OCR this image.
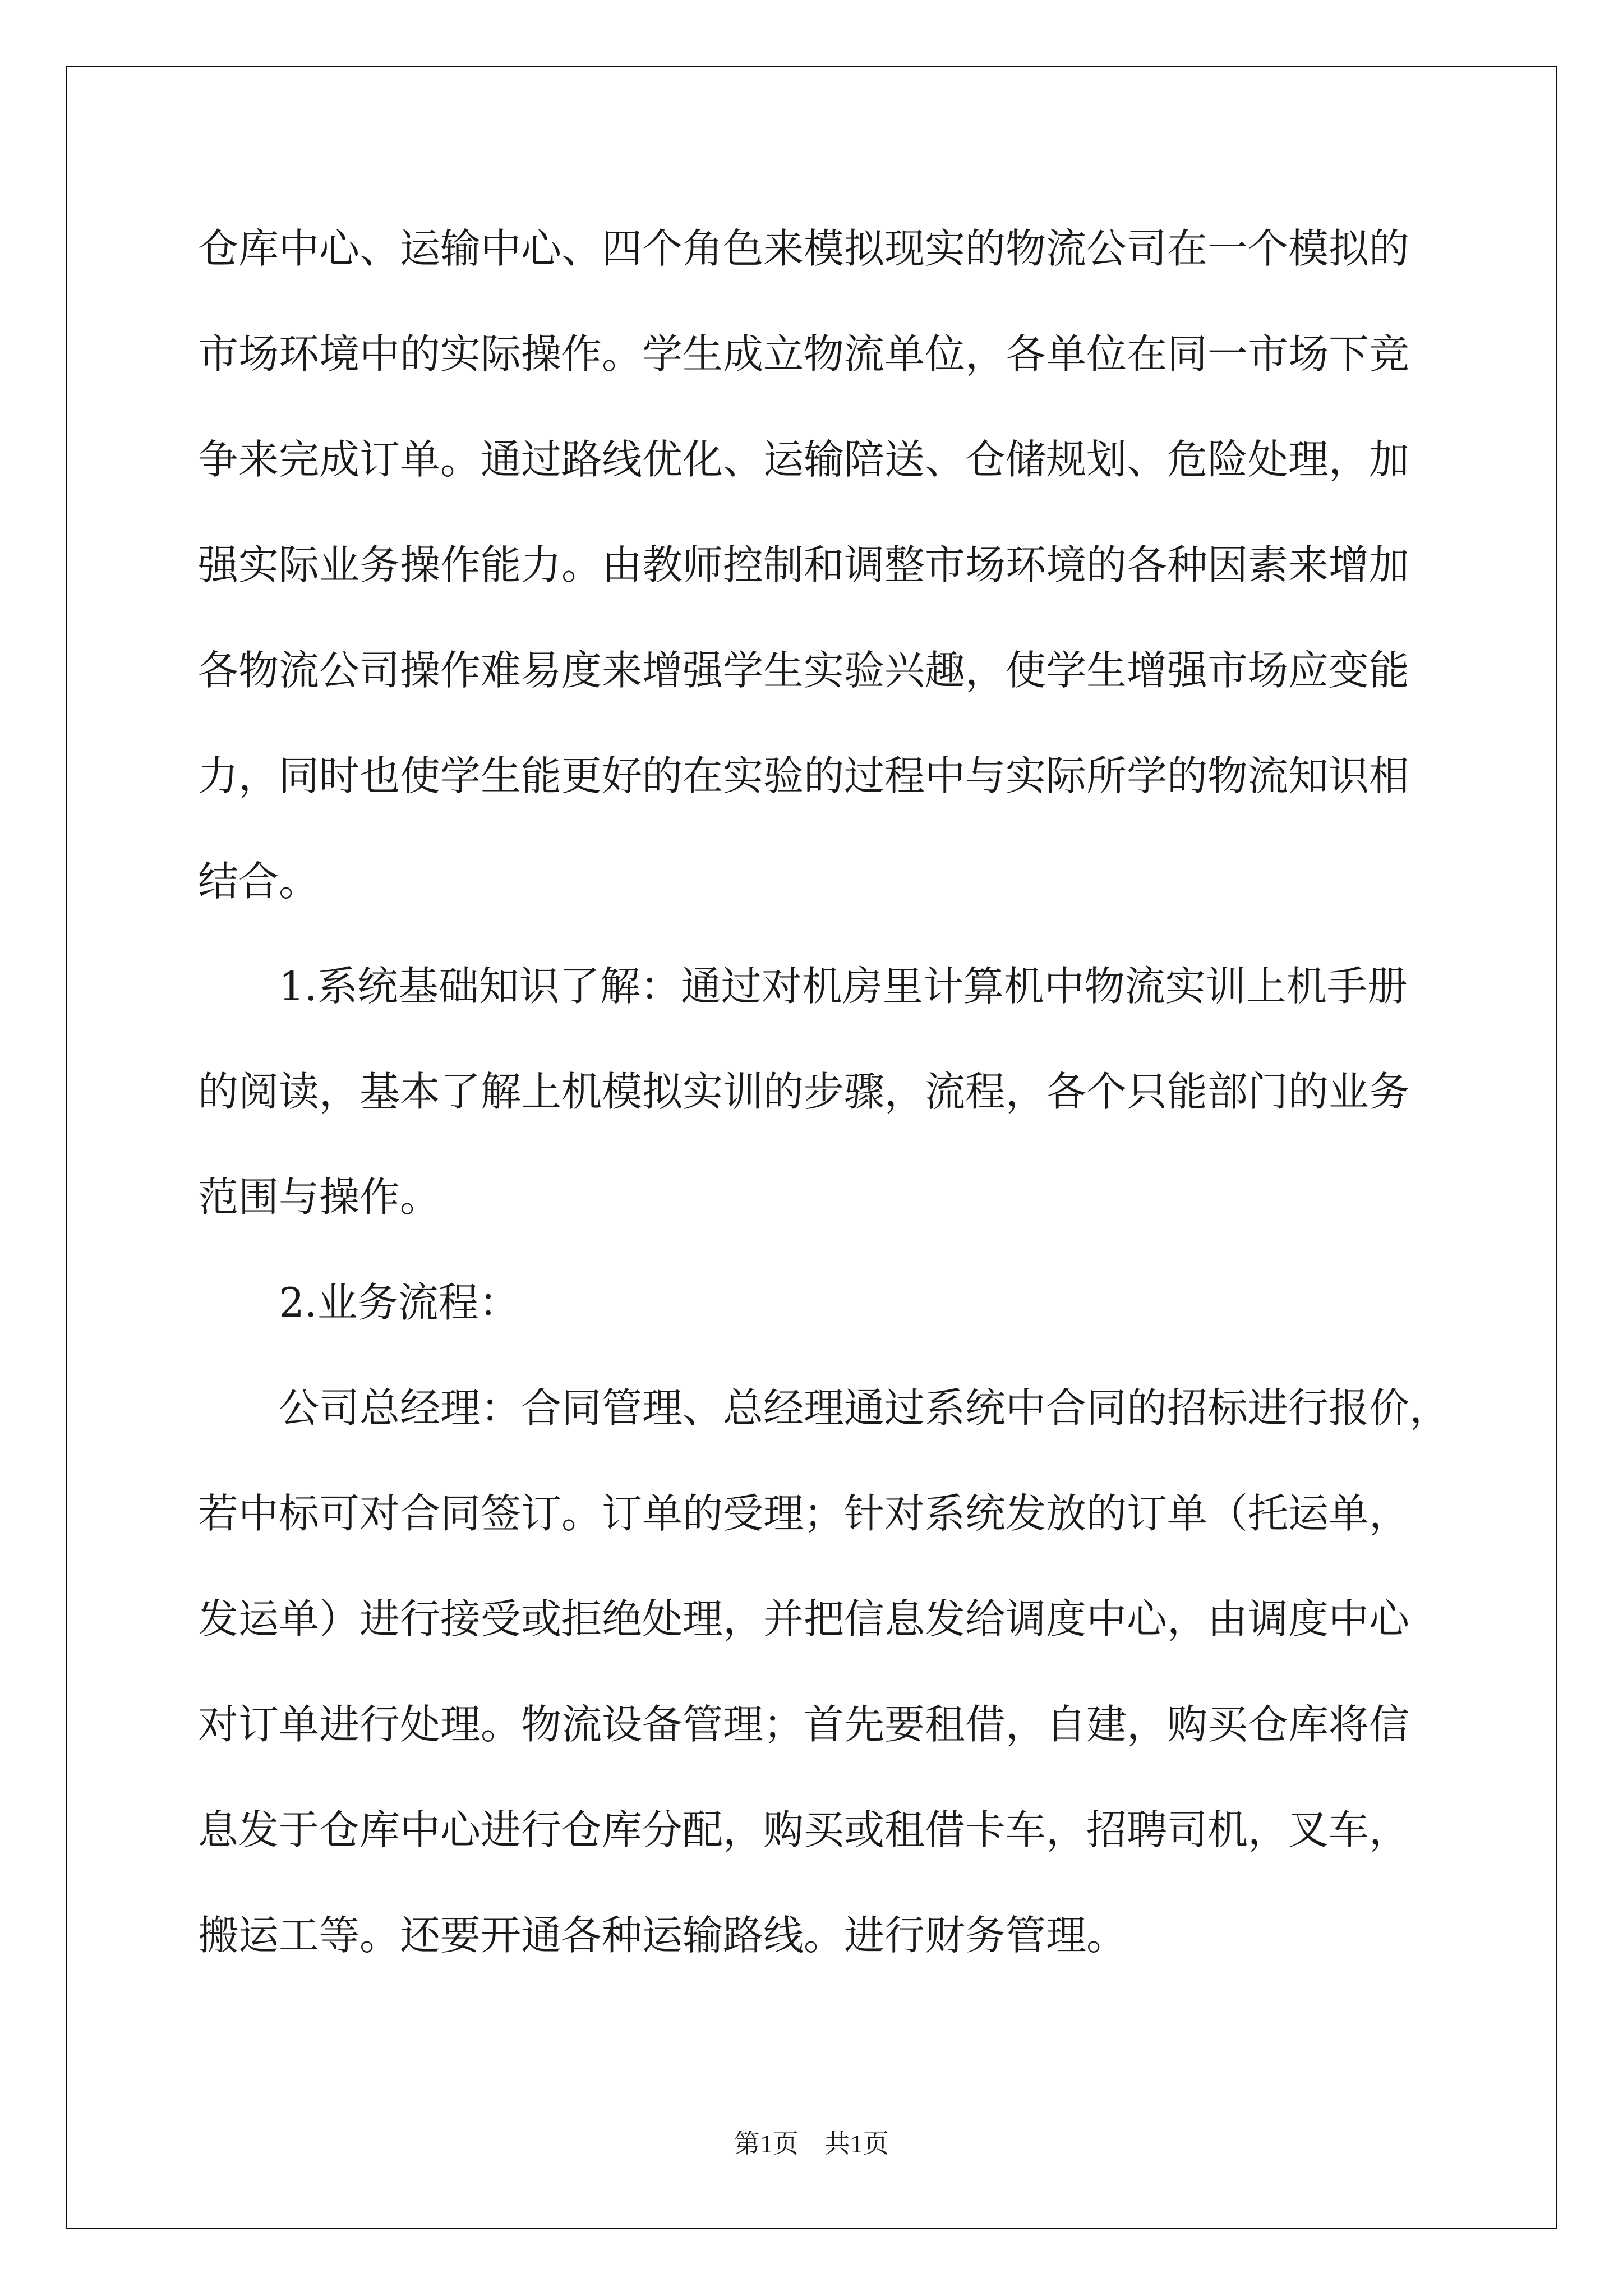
仓库中心、运输中心、四个角色来模拟现实的物流公司在一个模拟的

市场环境中的实际操作。学生成立物流单位，各单位在同一市场下竞

争来完成订单。通过路线优化、运输陪送、仓储规划、危险处理，加

强实际业务操作能力。由教师控制和调整市场环境的各种因素来增加

各物流公司操作难易度来增强学生实验兴趣，使学生增强市场应变能

力，同时也使学生能更好的在实验的过程中与实际所学的物流知识相

结合。

　　1.系统基础知识了解：通过对机房里计算机中物流实训上机手册

的阅读，基本了解上机模拟实训的步骤，流程，各个只能部门的业务

范围与操作。

　　2.业务流程：

　　公司总经理：合同管理、总经理通过系统中合同的招标进行报价，

若中标可对合同签订。订单的受理；针对系统发放的订单（托运单，

发运单）进行接受或拒绝处理，并把信息发给调度中心，由调度中心

对订单进行处理。物流设备管理；首先要租借，自建，购买仓库将信

息发于仓库中心进行仓库分配，购买或租借卡车，招聘司机，叉车，

搬运工等。还要开通各种运输路线。进行财务管理。

第1页　共1页
